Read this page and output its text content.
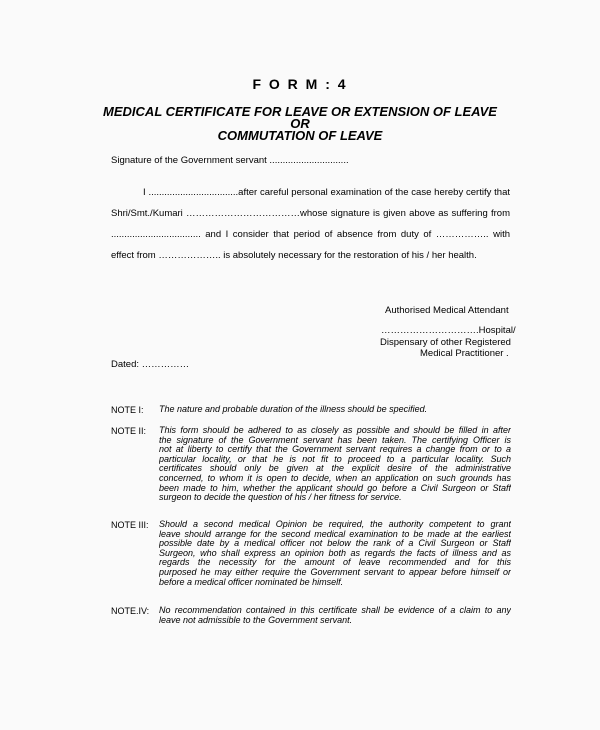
F O R M : 4
MEDICAL CERTIFICATE FOR LEAVE OR EXTENSION OF LEAVE OR
COMMUTATION OF LEAVE
Signature of the Government servant ..............................
I ..................................after careful personal examination of the case hereby certify that
Shri/Smt./Kumari ………………………………whose signature is given above as suffering from
.................................. and I consider that period of absence from duty of …………….. with
effect from ……………….. is absolutely necessary for the restoration of his / her health.
Authorised Medical Attendant
………………………….Hospital/
Dispensary of other Registered
Medical Practitioner .
Dated: ……………
NOTE I: The nature and probable duration of the illness should be specified.
NOTE II: This form should be adhered to as closely as possible and should be filled in after
the signature of the Government servant has been taken. The certifying Officer is
not at liberty to certify that the Government servant requires a change from or to a
particular locality, or that he is not fit to proceed to a particular locality. Such
certificates should only be given at the explicit desire of the administrative
concerned, to whom it is open to decide, when an application on such grounds has
been made to him, whether the applicant should go before a Civil Surgeon or Staff
surgeon to decide the question of his / her fitness for service.
NOTE III: Should a second medical Opinion be required, the authority competent to grant
leave should arrange for the second medical examination to be made at the earliest
possible date by a medical officer not below the rank of a Civil Surgeon or Staff
Surgeon, who shall express an opinion both as regards the facts of illness and as
regards the necessity for the amount of leave recommended and for this
purposed he may either require the Government servant to appear before himself or
before a medical officer nominated be himself.
NOTE.IV: No recommendation contained in this certificate shall be evidence of a claim to any
leave not admissible to the Government servant.
